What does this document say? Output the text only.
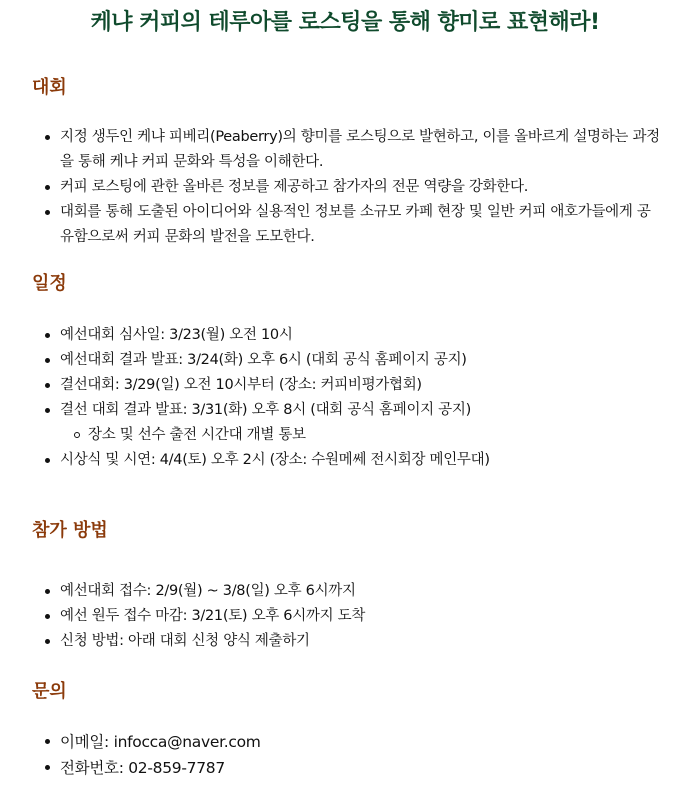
케냐 커피의 테루아를 로스팅을 통해 향미로 표현해라!
대회
지정 생두인 케냐 피베리(Peaberry)의 향미를 로스팅으로 발현하고, 이를 올바르게 설명하는 과정을 통해 케냐 커피 문화와 특성을 이해한다.
커피 로스팅에 관한 올바른 정보를 제공하고 참가자의 전문 역량을 강화한다.
대회를 통해 도출된 아이디어와 실용적인 정보를 소규모 카페 현장 및 일반 커피 애호가들에게 공유함으로써 커피 문화의 발전을 도모한다.
일정
예선대회 심사일: 3/23(월) 오전 10시
예선대회 결과 발표: 3/24(화) 오후 6시 (대회 공식 홈페이지 공지)
결선대회: 3/29(일) 오전 10시부터 (장소: 커피비평가협회)
결선 대회 결과 발표: 3/31(화) 오후 8시 (대회 공식 홈페이지 공지)
장소 및 선수 출전 시간대 개별 통보
시상식 및 시연: 4/4(토) 오후 2시 (장소: 수원메쎄 전시회장 메인무대)
참가 방법
예선대회 접수: 2/9(월) ~ 3/8(일) 오후 6시까지
예선 원두 접수 마감: 3/21(토) 오후 6시까지 도착
신청 방법: 아래 대회 신청 양식 제출하기
문의
이메일: infocca@naver.com
전화번호: 02-859-7787
